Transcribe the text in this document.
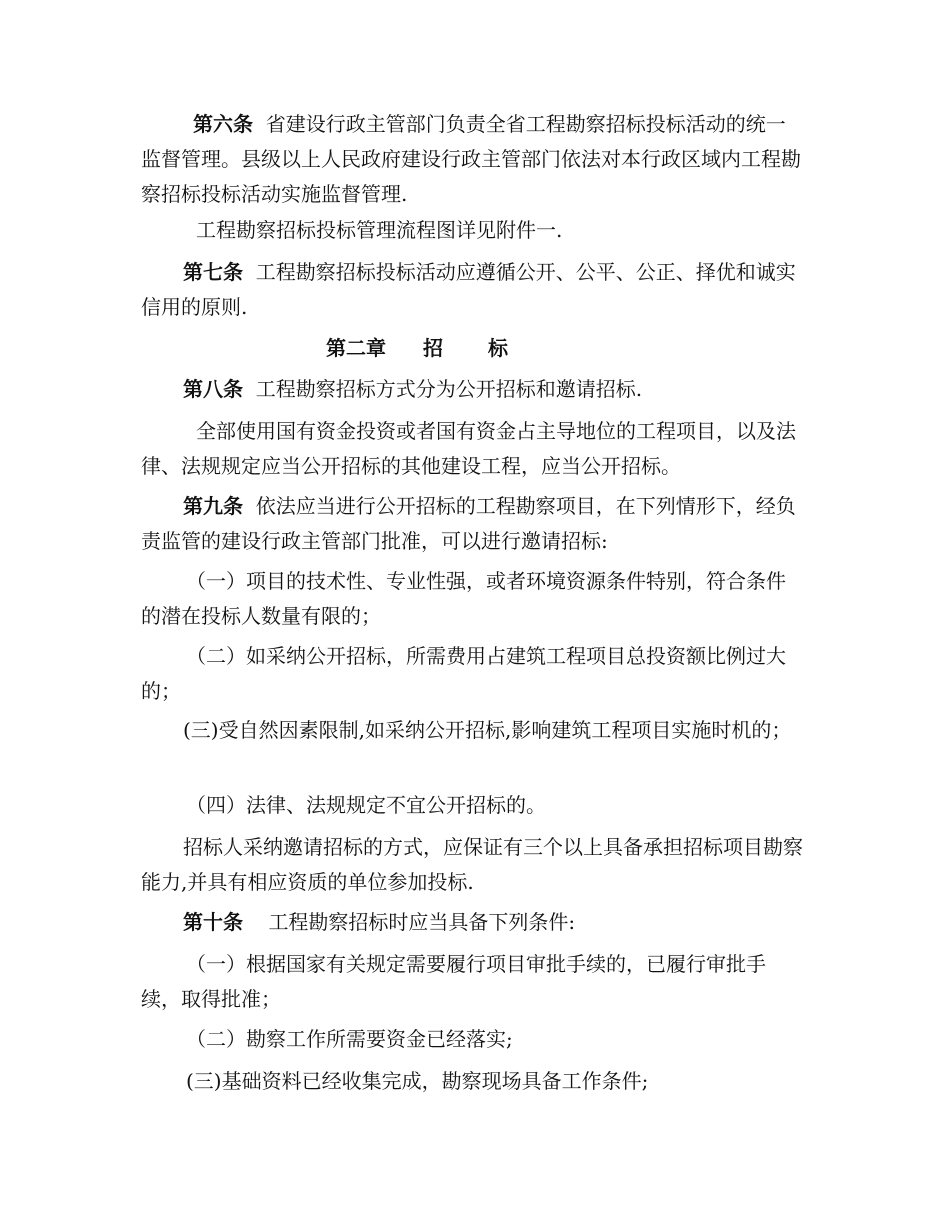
第六条 省建设行政主管部门负责全省工程勘察招标投标活动的统一监督管理。县级以上人民政府建设行政主管部门依法对本行政区域内工程勘察招标投标活动实施监督管理.

工程勘察招标投标管理流程图详见附件一.

第七条 工程勘察招标投标活动应遵循公开、公平、公正、择优和诚实信用的原则.

第二章 招 标

第八条 工程勘察招标方式分为公开招标和邀请招标.

全部使用国有资金投资或者国有资金占主导地位的工程项目，以及法律、法规规定应当公开招标的其他建设工程，应当公开招标。

第九条 依法应当进行公开招标的工程勘察项目，在下列情形下，经负责监管的建设行政主管部门批准，可以进行邀请招标:

（一）项目的技术性、专业性强，或者环境资源条件特别，符合条件的潜在投标人数量有限的；

（二）如采纳公开招标，所需费用占建筑工程项目总投资额比例过大的；

(三)受自然因素限制,如采纳公开招标,影响建筑工程项目实施时机的；

（四）法律、法规规定不宜公开招标的。

招标人采纳邀请招标的方式，应保证有三个以上具备承担招标项目勘察能力,并具有相应资质的单位参加投标.

第十条 工程勘察招标时应当具备下列条件:

（一）根据国家有关规定需要履行项目审批手续的，已履行审批手续，取得批准；

（二）勘察工作所需要资金已经落实;

(三)基础资料已经收集完成，勘察现场具备工作条件;
